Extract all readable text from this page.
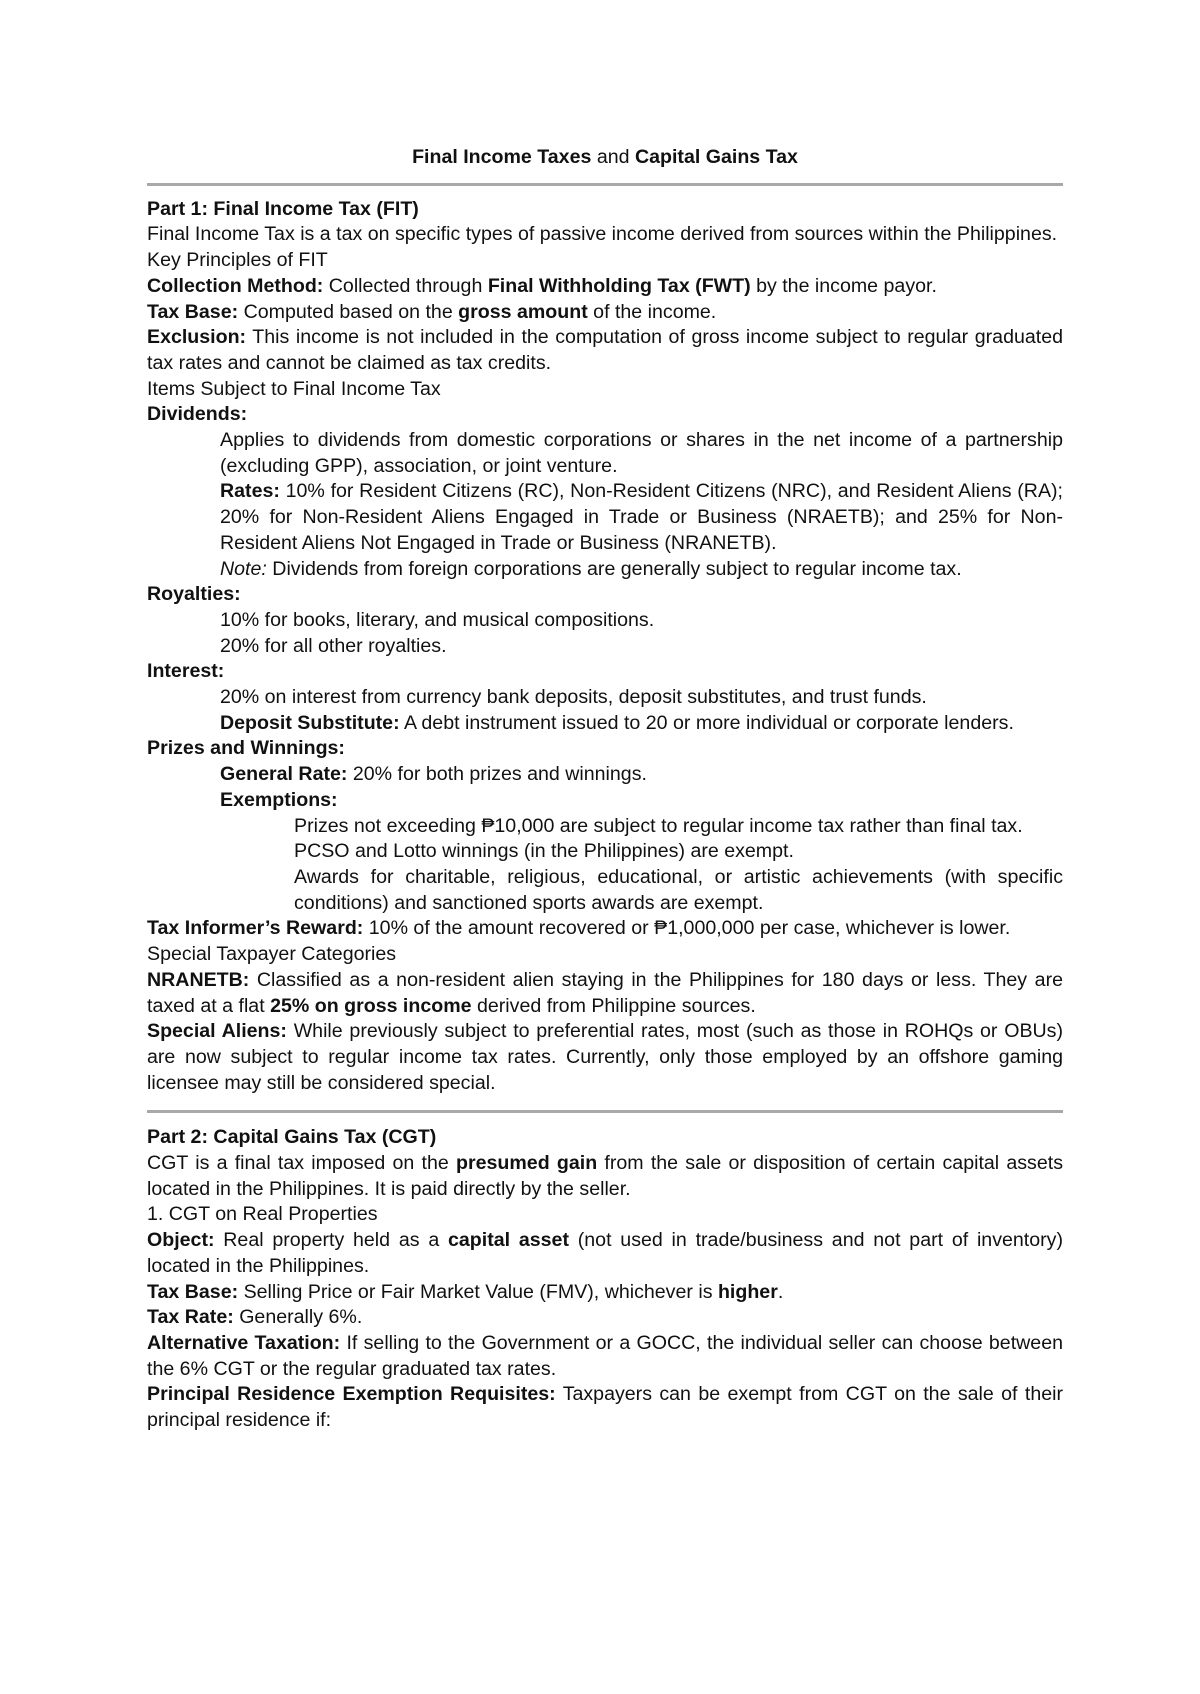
Final Income Taxes and Capital Gains Tax

Part 1: Final Income Tax (FIT)

Final Income Tax is a tax on specific types of passive income derived from sources within the Philippines.

Key Principles of FIT

Collection Method: Collected through Final Withholding Tax (FWT) by the income payor.

Tax Base: Computed based on the gross amount of the income.

Exclusion: This income is not included in the computation of gross income subject to regular graduated tax rates and cannot be claimed as tax credits.

Items Subject to Final Income Tax

Dividends:

Applies to dividends from domestic corporations or shares in the net income of a partnership (excluding GPP), association, or joint venture.

Rates: 10% for Resident Citizens (RC), Non-Resident Citizens (NRC), and Resident Aliens (RA); 20% for Non-Resident Aliens Engaged in Trade or Business (NRAETB); and 25% for Non-Resident Aliens Not Engaged in Trade or Business (NRANETB).

Note: Dividends from foreign corporations are generally subject to regular income tax.

Royalties:

10% for books, literary, and musical compositions.

20% for all other royalties.

Interest:

20% on interest from currency bank deposits, deposit substitutes, and trust funds.

Deposit Substitute: A debt instrument issued to 20 or more individual or corporate lenders.

Prizes and Winnings:

General Rate: 20% for both prizes and winnings.

Exemptions:

Prizes not exceeding ₱10,000 are subject to regular income tax rather than final tax.

PCSO and Lotto winnings (in the Philippines) are exempt.

Awards for charitable, religious, educational, or artistic achievements (with specific conditions) and sanctioned sports awards are exempt.

Tax Informer’s Reward: 10% of the amount recovered or ₱1,000,000 per case, whichever is lower.

Special Taxpayer Categories

NRANETB: Classified as a non-resident alien staying in the Philippines for 180 days or less. They are taxed at a flat 25% on gross income derived from Philippine sources.

Special Aliens: While previously subject to preferential rates, most (such as those in ROHQs or OBUs) are now subject to regular income tax rates. Currently, only those employed by an offshore gaming licensee may still be considered special.

Part 2: Capital Gains Tax (CGT)

CGT is a final tax imposed on the presumed gain from the sale or disposition of certain capital assets located in the Philippines. It is paid directly by the seller.

1. CGT on Real Properties

Object: Real property held as a capital asset (not used in trade/business and not part of inventory) located in the Philippines.

Tax Base: Selling Price or Fair Market Value (FMV), whichever is higher.

Tax Rate: Generally 6%.

Alternative Taxation: If selling to the Government or a GOCC, the individual seller can choose between the 6% CGT or the regular graduated tax rates.

Principal Residence Exemption Requisites: Taxpayers can be exempt from CGT on the sale of their principal residence if:
